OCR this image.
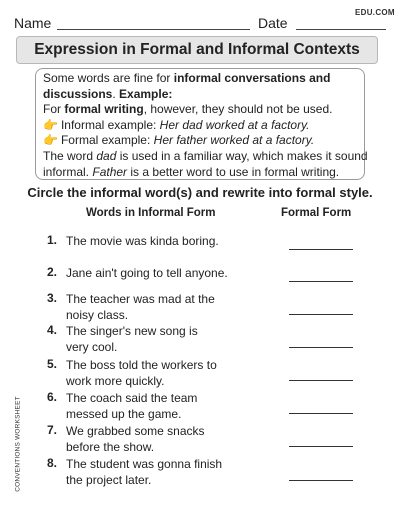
Name	Date
EDU.COM
Expression in Formal and Informal Contexts
Some words are fine for informal conversations and
discussions. Example:
For formal writing, however, they should not be used.
👉 Informal example: Her dad worked at a factory.
👉 Formal example: Her father worked at a factory.
The word dad is used in a familiar way, which makes it sound
informal. Father is a better word to use in formal writing.
Circle the informal word(s) and rewrite into formal style.
Words in Informal Form	Formal Form
1. The movie was kinda boring.
2. Jane ain't going to tell anyone.
3. The teacher was mad at the noisy class.
4. The singer's new song is very cool.
5. The boss told the workers to work more quickly.
6. The coach said the team messed up the game.
7. We grabbed some snacks before the show.
8. The student was gonna finish the project later.
CONVENTIONS WORKSHEET
